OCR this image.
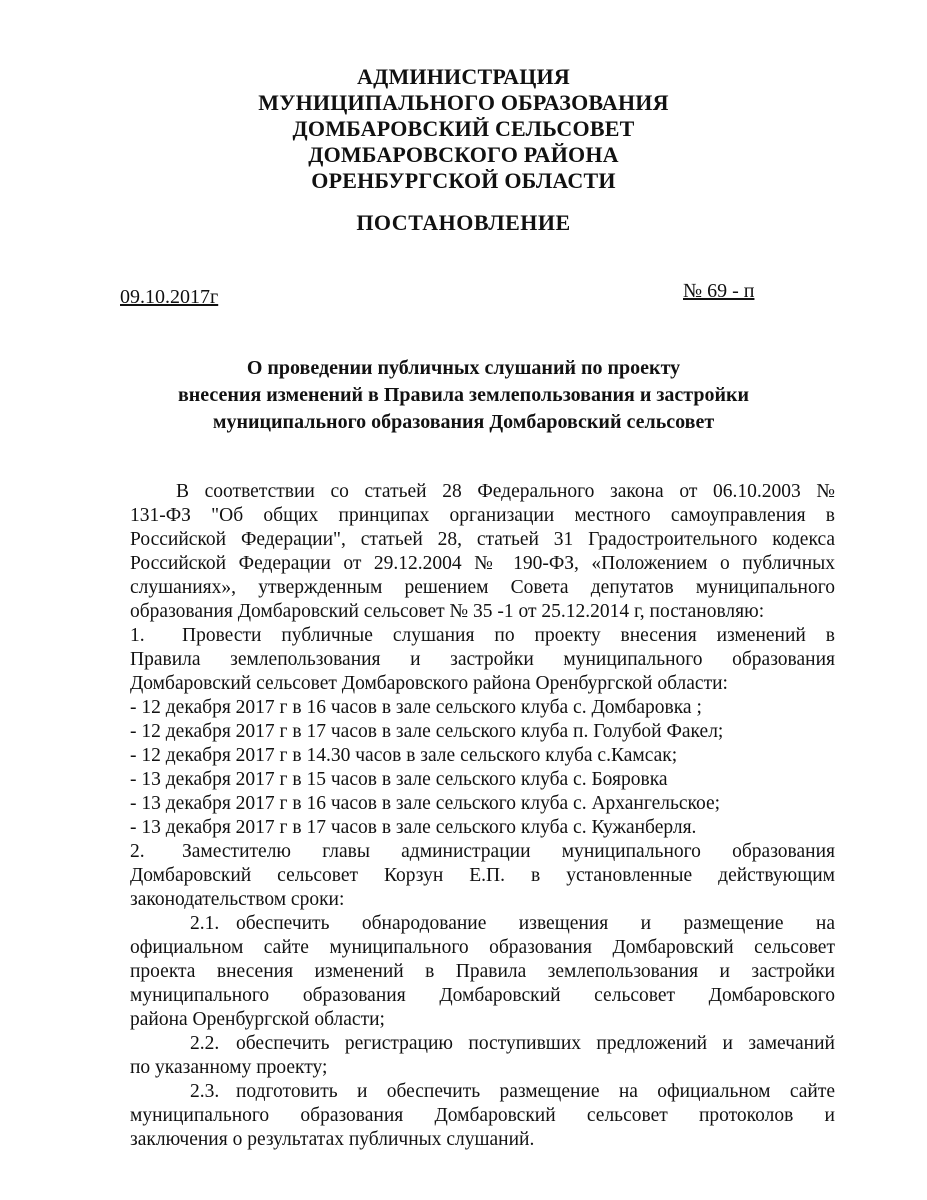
АДМИНИСТРАЦИЯ
МУНИЦИПАЛЬНОГО ОБРАЗОВАНИЯ
ДОМБАРОВСКИЙ СЕЛЬСОВЕТ
ДОМБАРОВСКОГО РАЙОНА
ОРЕНБУРГСКОЙ ОБЛАСТИ
ПОСТАНОВЛЕНИЕ
09.10.2017г	№ 69 - п
О проведении публичных слушаний по проекту
внесения изменений в Правила землепользования и застройки
муниципального образования Домбаровский сельсовет

В соответствии со статьей 28 Федерального закона от 06.10.2003 №

131-ФЗ "Об общих принципах организации местного самоуправления в

Российской Федерации", статьей 28, статьей 31 Градостроительного кодекса

Российской Федерации от 29.12.2004 № 190-ФЗ, «Положением о публичных

слушаниях», утвержденным решением Совета депутатов муниципального

образования Домбаровский сельсовет № 35 -1 от 25.12.2014 г, постановляю:

1. Провести публичные слушания по проекту внесения изменений в

Правила землепользования и застройки муниципального образования

Домбаровский сельсовет Домбаровского района Оренбургской области:

- 12 декабря 2017 г в 16 часов в зале сельского клуба с. Домбаровка ;

- 12 декабря 2017 г в 17 часов в зале сельского клуба п. Голубой Факел;

- 12 декабря 2017 г в 14.30 часов в зале сельского клуба с.Камсак;

- 13 декабря 2017 г в 15 часов в зале сельского клуба с. Бояровка

- 13 декабря 2017 г в 16 часов в зале сельского клуба с. Архангельское;

- 13 декабря 2017 г в 17 часов в зале сельского клуба с. Кужанберля.

2. Заместителю главы администрации муниципального образования

Домбаровский сельсовет Корзун Е.П. в установленные действующим

законодательством сроки:

2.1. обеспечить обнародование извещения и размещение на

официальном сайте муниципального образования Домбаровский сельсовет

проекта внесения изменений в Правила землепользования и застройки

муниципального образования Домбаровский сельсовет Домбаровского

района Оренбургской области;

2.2. обеспечить регистрацию поступивших предложений и замечаний

по указанному проекту;

2.3. подготовить и обеспечить размещение на официальном сайте

муниципального образования Домбаровский сельсовет протоколов и

заключения о результатах публичных слушаний.
